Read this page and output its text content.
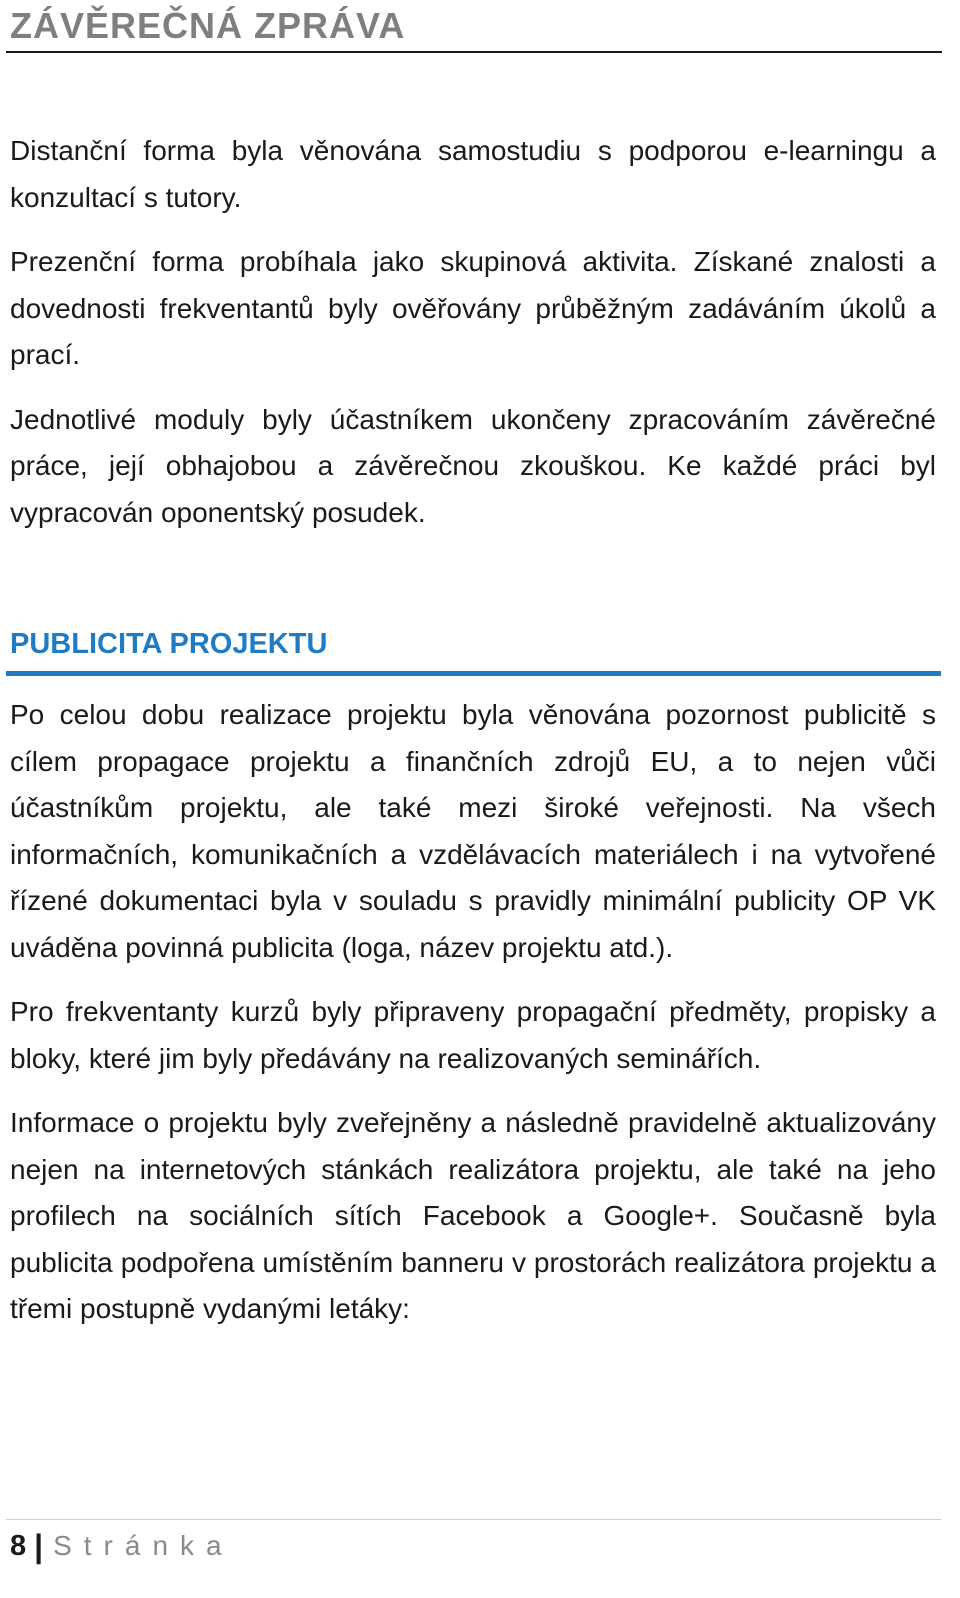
ZÁVĚREČNÁ ZPRÁVA

Distanční forma byla věnována samostudiu s podporou e-learningu a konzultací s tutory.

Prezenční forma probíhala jako skupinová aktivita. Získané znalosti a dovednosti frekventantů byly ověřovány průběžným zadáváním úkolů a prací.

Jednotlivé moduly byly účastníkem ukončeny zpracováním závěrečné práce, její obhajobou a závěrečnou zkouškou. Ke každé práci byl vypracován oponentský posudek.

PUBLICITA PROJEKTU

Po celou dobu realizace projektu byla věnována pozornost publicitě s cílem propagace projektu a finančních zdrojů EU, a to nejen vůči účastníkům projektu, ale také mezi široké veřejnosti. Na všech informačních, komunikačních a vzdělávacích materiálech i na vytvořené řízené dokumentaci byla v souladu s pravidly minimální publicity OP VK uváděna povinná publicita (loga, název projektu atd.).

Pro frekventanty kurzů byly připraveny propagační předměty, propisky a bloky, které jim byly předávány na realizovaných seminářích.

Informace o projektu byly zveřejněny a následně pravidelně aktualizovány nejen na internetových stánkách realizátora projektu, ale také na jeho profilech na sociálních sítích Facebook a Google+. Současně byla publicita podpořena umístěním banneru v prostorách realizátora projektu a třemi postupně vydanými letáky:

8 | Stránka
